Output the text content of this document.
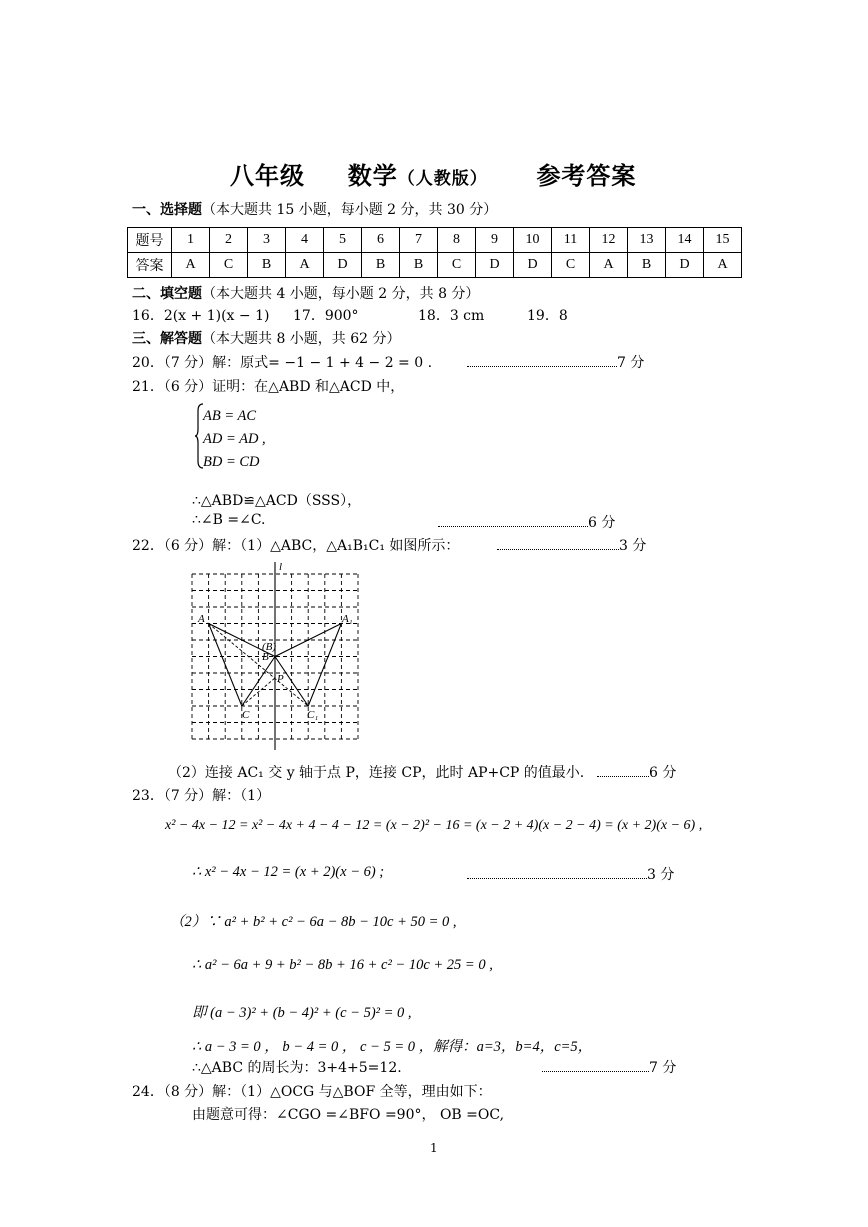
八年级 数学（人教版） 参考答案
一、选择题（本大题共 15 小题，每小题 2 分，共 30 分）
题号	1	2	3	4	5	6	7	8	9	10	11	12	13	14	15
答案	A	C	B	A	D	B	B	C	D	D	C	A	B	D	A
二、填空题（本大题共 4 小题，每小题 2 分，共 8 分）
16．2(x + 1)(x − 1) 17．900°	18．3 cm	19．8
三、解答题（本大题共 8 小题，共 62 分）
20．（7 分）解：原式= −1 − 1 + 4 − 2 = 0 .	7 分
21．（6 分）证明：在△ABD 和△ACD 中，
AB = AC
AD = AD ,
BD = CD
∴△ABD≌△ACD（SSS），
∴∠B =∠C.	6 分
22．（6 分）解：（1）△ABC，△A₁B₁C₁ 如图所示：	3 分
A	A₁
(B)
B
P
C	C₁
l
（2）连接 AC₁ 交 y 轴于点 P，连接 CP，此时 AP+CP 的值最小.	6 分
23．（7 分）解：（1）
x² − 4x − 12 = x² − 4x + 4 − 4 − 12 = (x − 2)² − 16 = (x − 2 + 4)(x − 2 − 4) = (x + 2)(x − 6) ,
∴ x² − 4x − 12 = (x + 2)(x − 6) ;	3 分
（2）∵ a² + b² + c² − 6a − 8b − 10c + 50 = 0 ,
∴ a² − 6a + 9 + b² − 8b + 16 + c² − 10c + 25 = 0 ,
即 (a − 3)² + (b − 4)² + (c − 5)² = 0 ,
∴ a − 3 = 0 ， b − 4 = 0 ， c − 5 = 0 ，解得：a=3，b=4，c=5，
∴△ABC 的周长为：3+4+5=12.	7 分
24．（8 分）解：（1）△OCG 与△BOF 全等，理由如下：
由题意可得：∠CGO =∠BFO =90°， OB =OC,
1
